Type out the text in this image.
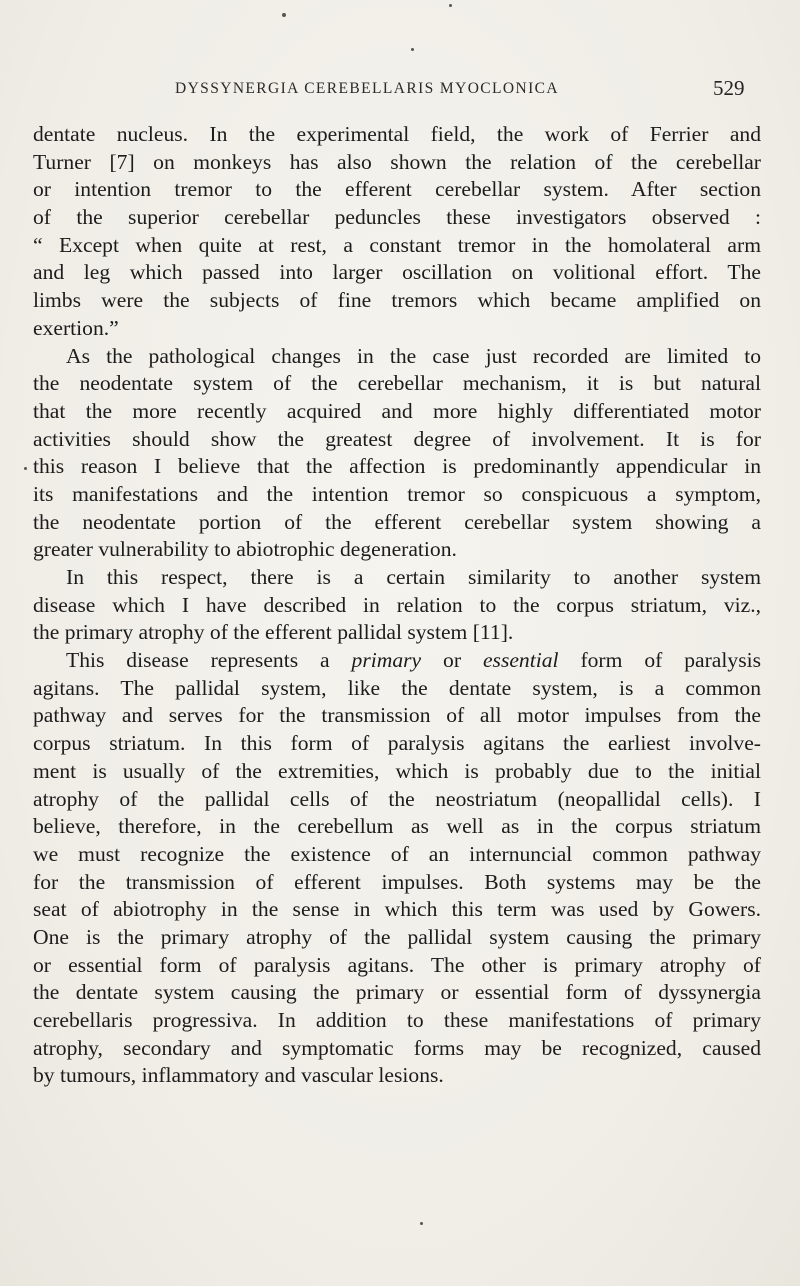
DYSSYNERGIA CEREBELLARIS MYOCLONICA	529
dentate nucleus. In the experimental field, the work of Ferrier and
Turner [7] on monkeys has also shown the relation of the cerebellar
or intention tremor to the efferent cerebellar system. After section
of the superior cerebellar peduncles these investigators observed :
“ Except when quite at rest, a constant tremor in the homolateral arm
and leg which passed into larger oscillation on volitional effort. The
limbs were the subjects of fine tremors which became amplified on
exertion.”
As the pathological changes in the case just recorded are limited to
the neodentate system of the cerebellar mechanism, it is but natural
that the more recently acquired and more highly differentiated motor
activities should show the greatest degree of involvement. It is for
this reason I believe that the affection is predominantly appendicular in
its manifestations and the intention tremor so conspicuous a symptom,
the neodentate portion of the efferent cerebellar system showing a
greater vulnerability to abiotrophic degeneration.
In this respect, there is a certain similarity to another system
disease which I have described in relation to the corpus striatum, viz.,
the primary atrophy of the efferent pallidal system [11].
This disease represents a primary or essential form of paralysis
agitans. The pallidal system, like the dentate system, is a common
pathway and serves for the transmission of all motor impulses from the
corpus striatum. In this form of paralysis agitans the earliest involve-
ment is usually of the extremities, which is probably due to the initial
atrophy of the pallidal cells of the neostriatum (neopallidal cells). I
believe, therefore, in the cerebellum as well as in the corpus striatum
we must recognize the existence of an internuncial common pathway
for the transmission of efferent impulses. Both systems may be the
seat of abiotrophy in the sense in which this term was used by Gowers.
One is the primary atrophy of the pallidal system causing the primary
or essential form of paralysis agitans. The other is primary atrophy of
the dentate system causing the primary or essential form of dyssynergia
cerebellaris progressiva. In addition to these manifestations of primary
atrophy, secondary and symptomatic forms may be recognized, caused
by tumours, inflammatory and vascular lesions.
